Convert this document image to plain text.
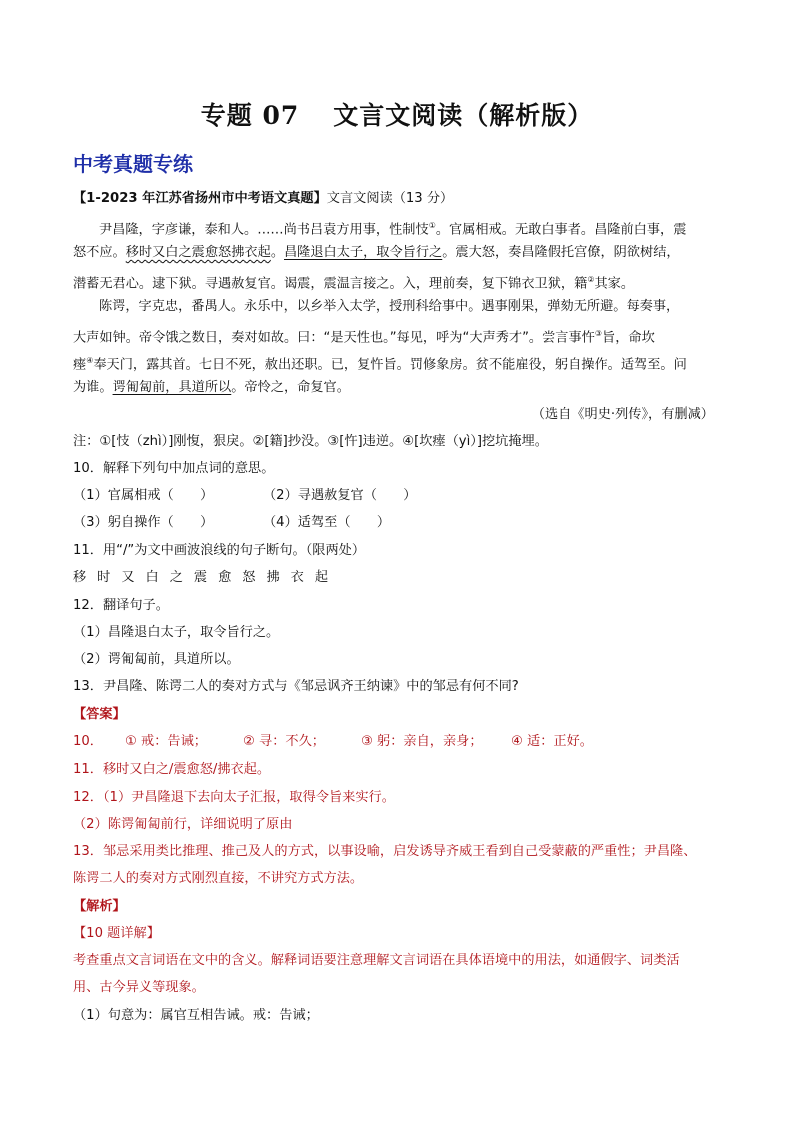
专题 07 文言文阅读（解析版）
中考真题专练
【1-2023 年江苏省扬州市中考语文真题】文言文阅读（13 分）
尹昌隆，字彦谦，泰和人。……尚书吕袁方用事，性制忮①。官属相戒。无敢白事者。昌隆前白事，震
怒不应。移时又白之震愈怒拂衣起。昌隆退白太子，取令旨行之。震大怒，奏昌隆假托宫僚，阴欲树结，
潜蓄无君心。逮下狱。寻遇赦复官。谒震，震温言接之。入，理前奏，复下锦衣卫狱，籍②其家。
陈谔，字克忠，番禺人。永乐中，以乡举入太学，授刑科给事中。遇事刚果，弹劾无所避。每奏事，
大声如钟。帝令饿之数日，奏对如故。曰：“是天性也。”每见，呼为“大声秀才”。尝言事忤③旨，命坎
瘗④奉天门，露其首。七日不死，赦出还职。已，复忤旨。罚修象房。贫不能雇役，躬自操作。适驾至。问
为谁。谔匍匐前，具道所以。帝怜之，命复官。
（选自《明史·列传》，有删减）
注：①[忮（zhì）]刚愎，狠戾。②[籍]抄没。③[忤]违逆。④[坎瘗（yì）]挖坑掩埋。
10．解释下列句中加点词的意思。
（1）官属相戒（　　）	（2）寻遇赦复官（　　）
（3）躬自操作（　　）	（4）适驾至（　　）
11．用“/”为文中画波浪线的句子断句。（限两处）
移时又白之震愈怒拂衣起
12．翻译句子。
（1）昌隆退白太子，取令旨行之。
（2）谔匍匐前，具道所以。
13．尹昌隆、陈谔二人的奏对方式与《邹忌讽齐王纳谏》中的邹忌有何不同?
【答案】
10． ① 戒：告诫；	② 寻：不久；	③ 躬：亲自，亲身； ④ 适：正好。
11．移时又白之/震愈怒/拂衣起。
12．（1）尹昌隆退下去向太子汇报，取得令旨来实行。
（2）陈谔匍匐前行，详细说明了原由
13．邹忌采用类比推理、推己及人的方式，以事设喻，启发诱导齐威王看到自己受蒙蔽的严重性；尹昌隆、
陈谔二人的奏对方式刚烈直接，不讲究方式方法。
【解析】
【10 题详解】
考查重点文言词语在文中的含义。解释词语要注意理解文言词语在具体语境中的用法，如通假字、词类活
用、古今异义等现象。
（1）句意为：属官互相告诫。戒：告诫；
